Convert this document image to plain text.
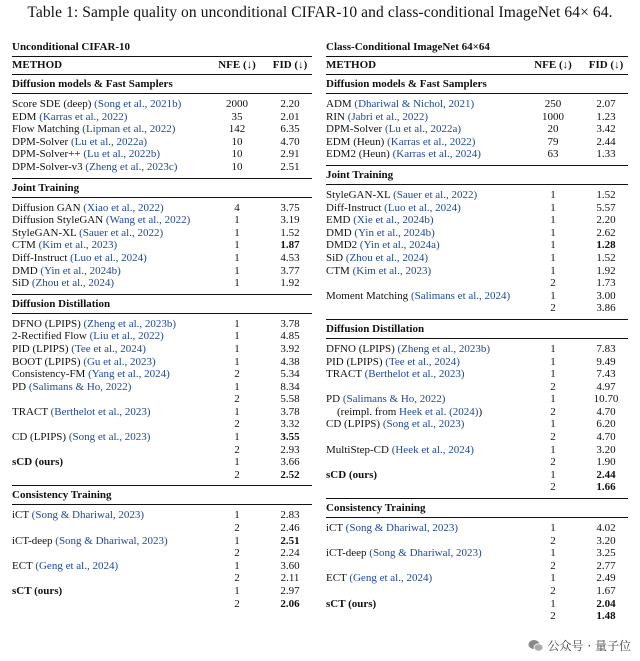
Table 1: Sample quality on unconditional CIFAR-10 and class-conditional ImageNet 64× 64.
Unconditional CIFAR-10
METHOD	NFE (↓)	FID (↓)
Diffusion models & Fast Samplers
Score SDE (deep) (Song et al., 2021b)	2000	2.20
EDM (Karras et al., 2022)	35	2.01
Flow Matching (Lipman et al., 2022)	142	6.35
DPM-Solver (Lu et al., 2022a)	10	4.70
DPM-Solver++ (Lu et al., 2022b)	10	2.91
DPM-Solver-v3 (Zheng et al., 2023c)	10	2.51
Joint Training
Diffusion GAN (Xiao et al., 2022)	4	3.75
Diffusion StyleGAN (Wang et al., 2022)	1	3.19
StyleGAN-XL (Sauer et al., 2022)	1	1.52
CTM (Kim et al., 2023)	1	1.87
Diff-Instruct (Luo et al., 2024)	1	4.53
DMD (Yin et al., 2024b)	1	3.77
SiD (Zhou et al., 2024)	1	1.92
Diffusion Distillation
DFNO (LPIPS) (Zheng et al., 2023b)	1	3.78
2-Rectified Flow (Liu et al., 2022)	1	4.85
PID (LPIPS) (Tee et al., 2024)	1	3.92
BOOT (LPIPS) (Gu et al., 2023)	1	4.38
Consistency-FM (Yang et al., 2024)	2	5.34
PD (Salimans & Ho, 2022)	1	8.34
2	5.58
TRACT (Berthelot et al., 2023)	1	3.78
2	3.32
CD (LPIPS) (Song et al., 2023)	1	3.55
2	2.93
sCD (ours)	1	3.66
2	2.52
Consistency Training
iCT (Song & Dhariwal, 2023)	1	2.83
2	2.46
iCT-deep (Song & Dhariwal, 2023)	1	2.51
2	2.24
ECT (Geng et al., 2024)	1	3.60
2	2.11
sCT (ours)	1	2.97
2	2.06
Class-Conditional ImageNet 64×64
METHOD	NFE (↓)	FID (↓)
Diffusion models & Fast Samplers
ADM (Dhariwal & Nichol, 2021)	250	2.07
RIN (Jabri et al., 2022)	1000	1.23
DPM-Solver (Lu et al., 2022a)	20	3.42
EDM (Heun) (Karras et al., 2022)	79	2.44
EDM2 (Heun) (Karras et al., 2024)	63	1.33
Joint Training
StyleGAN-XL (Sauer et al., 2022)	1	1.52
Diff-Instruct (Luo et al., 2024)	1	5.57
EMD (Xie et al., 2024b)	1	2.20
DMD (Yin et al., 2024b)	1	2.62
DMD2 (Yin et al., 2024a)	1	1.28
SiD (Zhou et al., 2024)	1	1.52
CTM (Kim et al., 2023)	1	1.92
2	1.73
Moment Matching (Salimans et al., 2024)	1	3.00
2	3.86
Diffusion Distillation
DFNO (LPIPS) (Zheng et al., 2023b)	1	7.83
PID (LPIPS) (Tee et al., 2024)	1	9.49
TRACT (Berthelot et al., 2023)	1	7.43
2	4.97
PD (Salimans & Ho, 2022)	1	10.70
(reimpl. from Heek et al. (2024))	2	4.70
CD (LPIPS) (Song et al., 2023)	1	6.20
2	4.70
MultiStep-CD (Heek et al., 2024)	1	3.20
2	1.90
sCD (ours)	1	2.44
2	1.66
Consistency Training
iCT (Song & Dhariwal, 2023)	1	4.02
2	3.20
iCT-deep (Song & Dhariwal, 2023)	1	3.25
2	2.77
ECT (Geng et al., 2024)	1	2.49
2	1.67
sCT (ours)	1	2.04
2	1.48
公众号 · 量子位
